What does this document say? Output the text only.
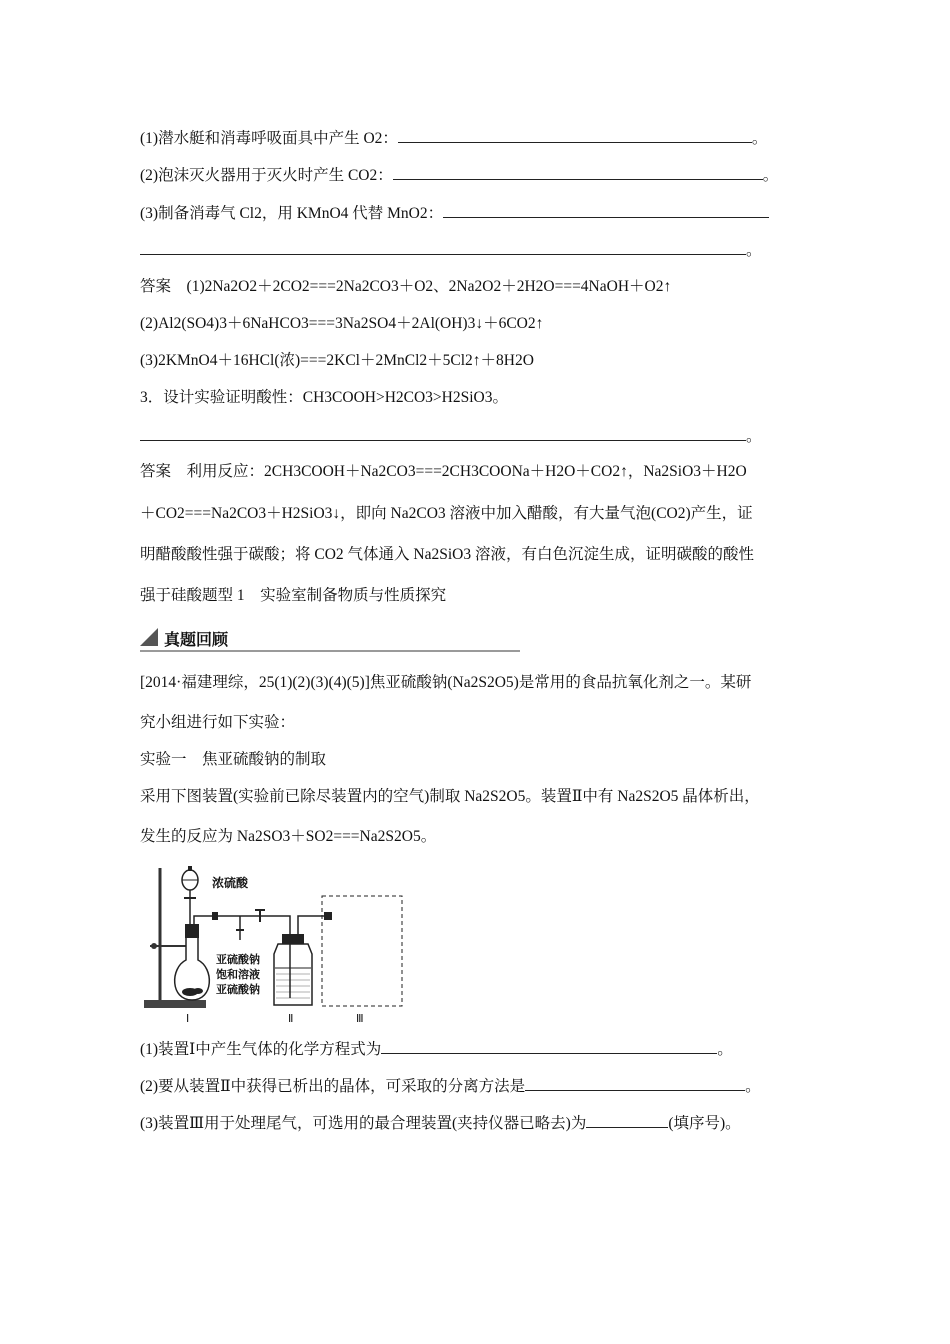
(1)潜水艇和消毒呼吸面具中产生 O2：	。
(2)泡沫灭火器用于灭火时产生 CO2：	。
(3)制备消毒气 Cl2，用 KMnO4 代替 MnO2：
。
答案　 (1)2Na2O2＋2CO2===2Na2CO3＋O2、2Na2O2＋2H2O===4NaOH＋O2↑
(2)Al2(SO4)3＋6NaHCO3===3Na2SO4＋2Al(OH)3↓＋6CO2↑
(3)2KMnO4＋16HCl(浓)===2KCl＋2MnCl2＋5Cl2↑＋8H2O
3．设计实验证明酸性：CH3COOH>H2CO3>H2SiO3。
。
答案　 利用反应：2CH3COOH＋Na2CO3===2CH3COONa＋H2O＋CO2↑，Na2SiO3＋H2O
＋CO2===Na2CO3＋H2SiO3↓，即向 Na2CO3 溶液中加入醋酸，有大量气泡(CO2)产生，证
明醋酸酸性强于碳酸；将 CO2 气体通入 Na2SiO3 溶液，有白色沉淀生成，证明碳酸的酸性
强于硅酸题型 1　实验室制备物质与性质探究
真题回顾
[2014·福建理综，25(1)(2)(3)(4)(5)]焦亚硫酸钠(Na2S2O5)是常用的食品抗氧化剂之一。某研
究小组进行如下实验：
实验一　焦亚硫酸钠的制取
采用下图装置(实验前已除尽装置内的空气)制取 Na2S2O5。装置Ⅱ中有 Na2S2O5 晶体析出，
发生的反应为 Na2SO3＋SO2===Na2S2O5。
浓硫酸
亚硫酸钠
饱和溶液
亚硫酸钠
Ⅰ	Ⅱ	Ⅲ
(1)装置Ⅰ中产生气体的化学方程式为	。
(2)要从装置Ⅱ中获得已析出的晶体，可采取的分离方法是	。
(3)装置Ⅲ用于处理尾气，可选用的最合理装置(夹持仪器已略去)为	(填序号)。
